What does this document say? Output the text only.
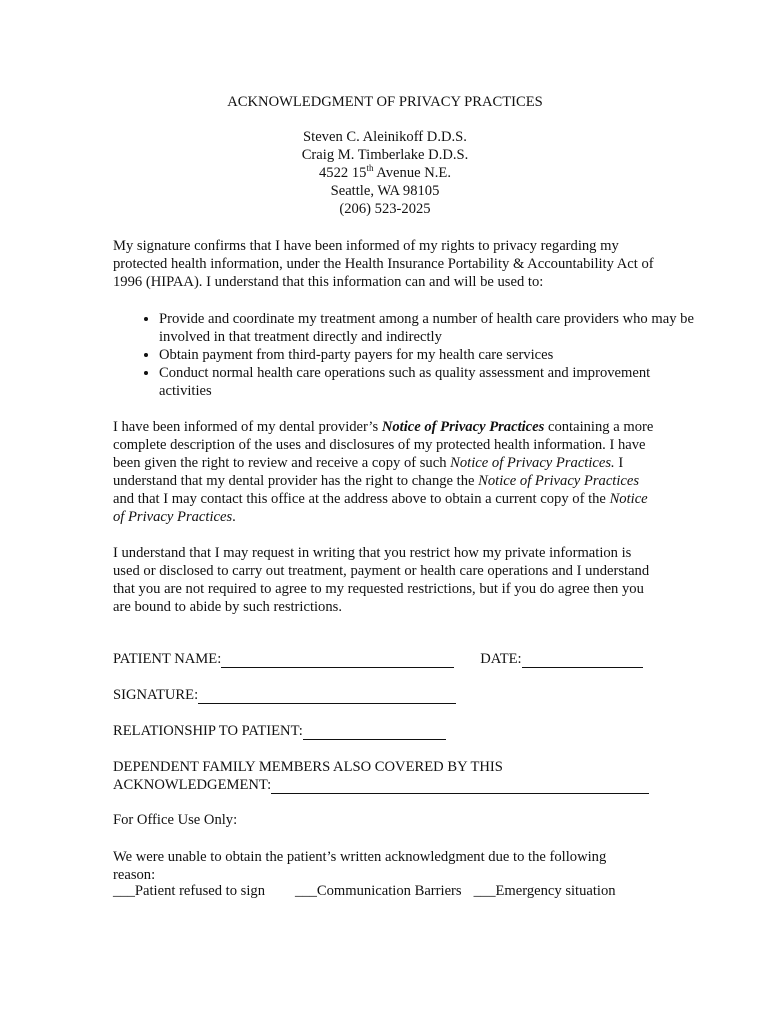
ACKNOWLEDGMENT OF PRIVACY PRACTICES
Steven C. Aleinikoff D.D.S.
Craig M. Timberlake D.D.S.
4522 15th Avenue N.E.
Seattle, WA 98105
(206) 523-2025

My signature confirms that I have been informed of my rights to privacy regarding my protected health information, under the Health Insurance Portability & Accountability Act of 1996 (HIPAA). I understand that this information can and will be used to:

• Provide and coordinate my treatment among a number of health care providers who may be involved in that treatment directly and indirectly
• Obtain payment from third-party payers for my health care services
• Conduct normal health care operations such as quality assessment and improvement activities

I have been informed of my dental provider’s Notice of Privacy Practices containing a more complete description of the uses and disclosures of my protected health information. I have been given the right to review and receive a copy of such Notice of Privacy Practices. I understand that my dental provider has the right to change the Notice of Privacy Practices and that I may contact this office at the address above to obtain a current copy of the Notice of Privacy Practices.

I understand that I may request in writing that you restrict how my private information is used or disclosed to carry out treatment, payment or health care operations and I understand that you are not required to agree to my requested restrictions, but if you do agree then you are bound to abide by such restrictions.

PATIENT NAME:	DATE:
SIGNATURE:
RELATIONSHIP TO PATIENT:
DEPENDENT FAMILY MEMBERS ALSO COVERED BY THIS
ACKNOWLEDGEMENT:
For Office Use Only:

We were unable to obtain the patient’s written acknowledgment due to the following reason:

___ Patient refused to sign ___ Communication Barriers ___ Emergency situation
